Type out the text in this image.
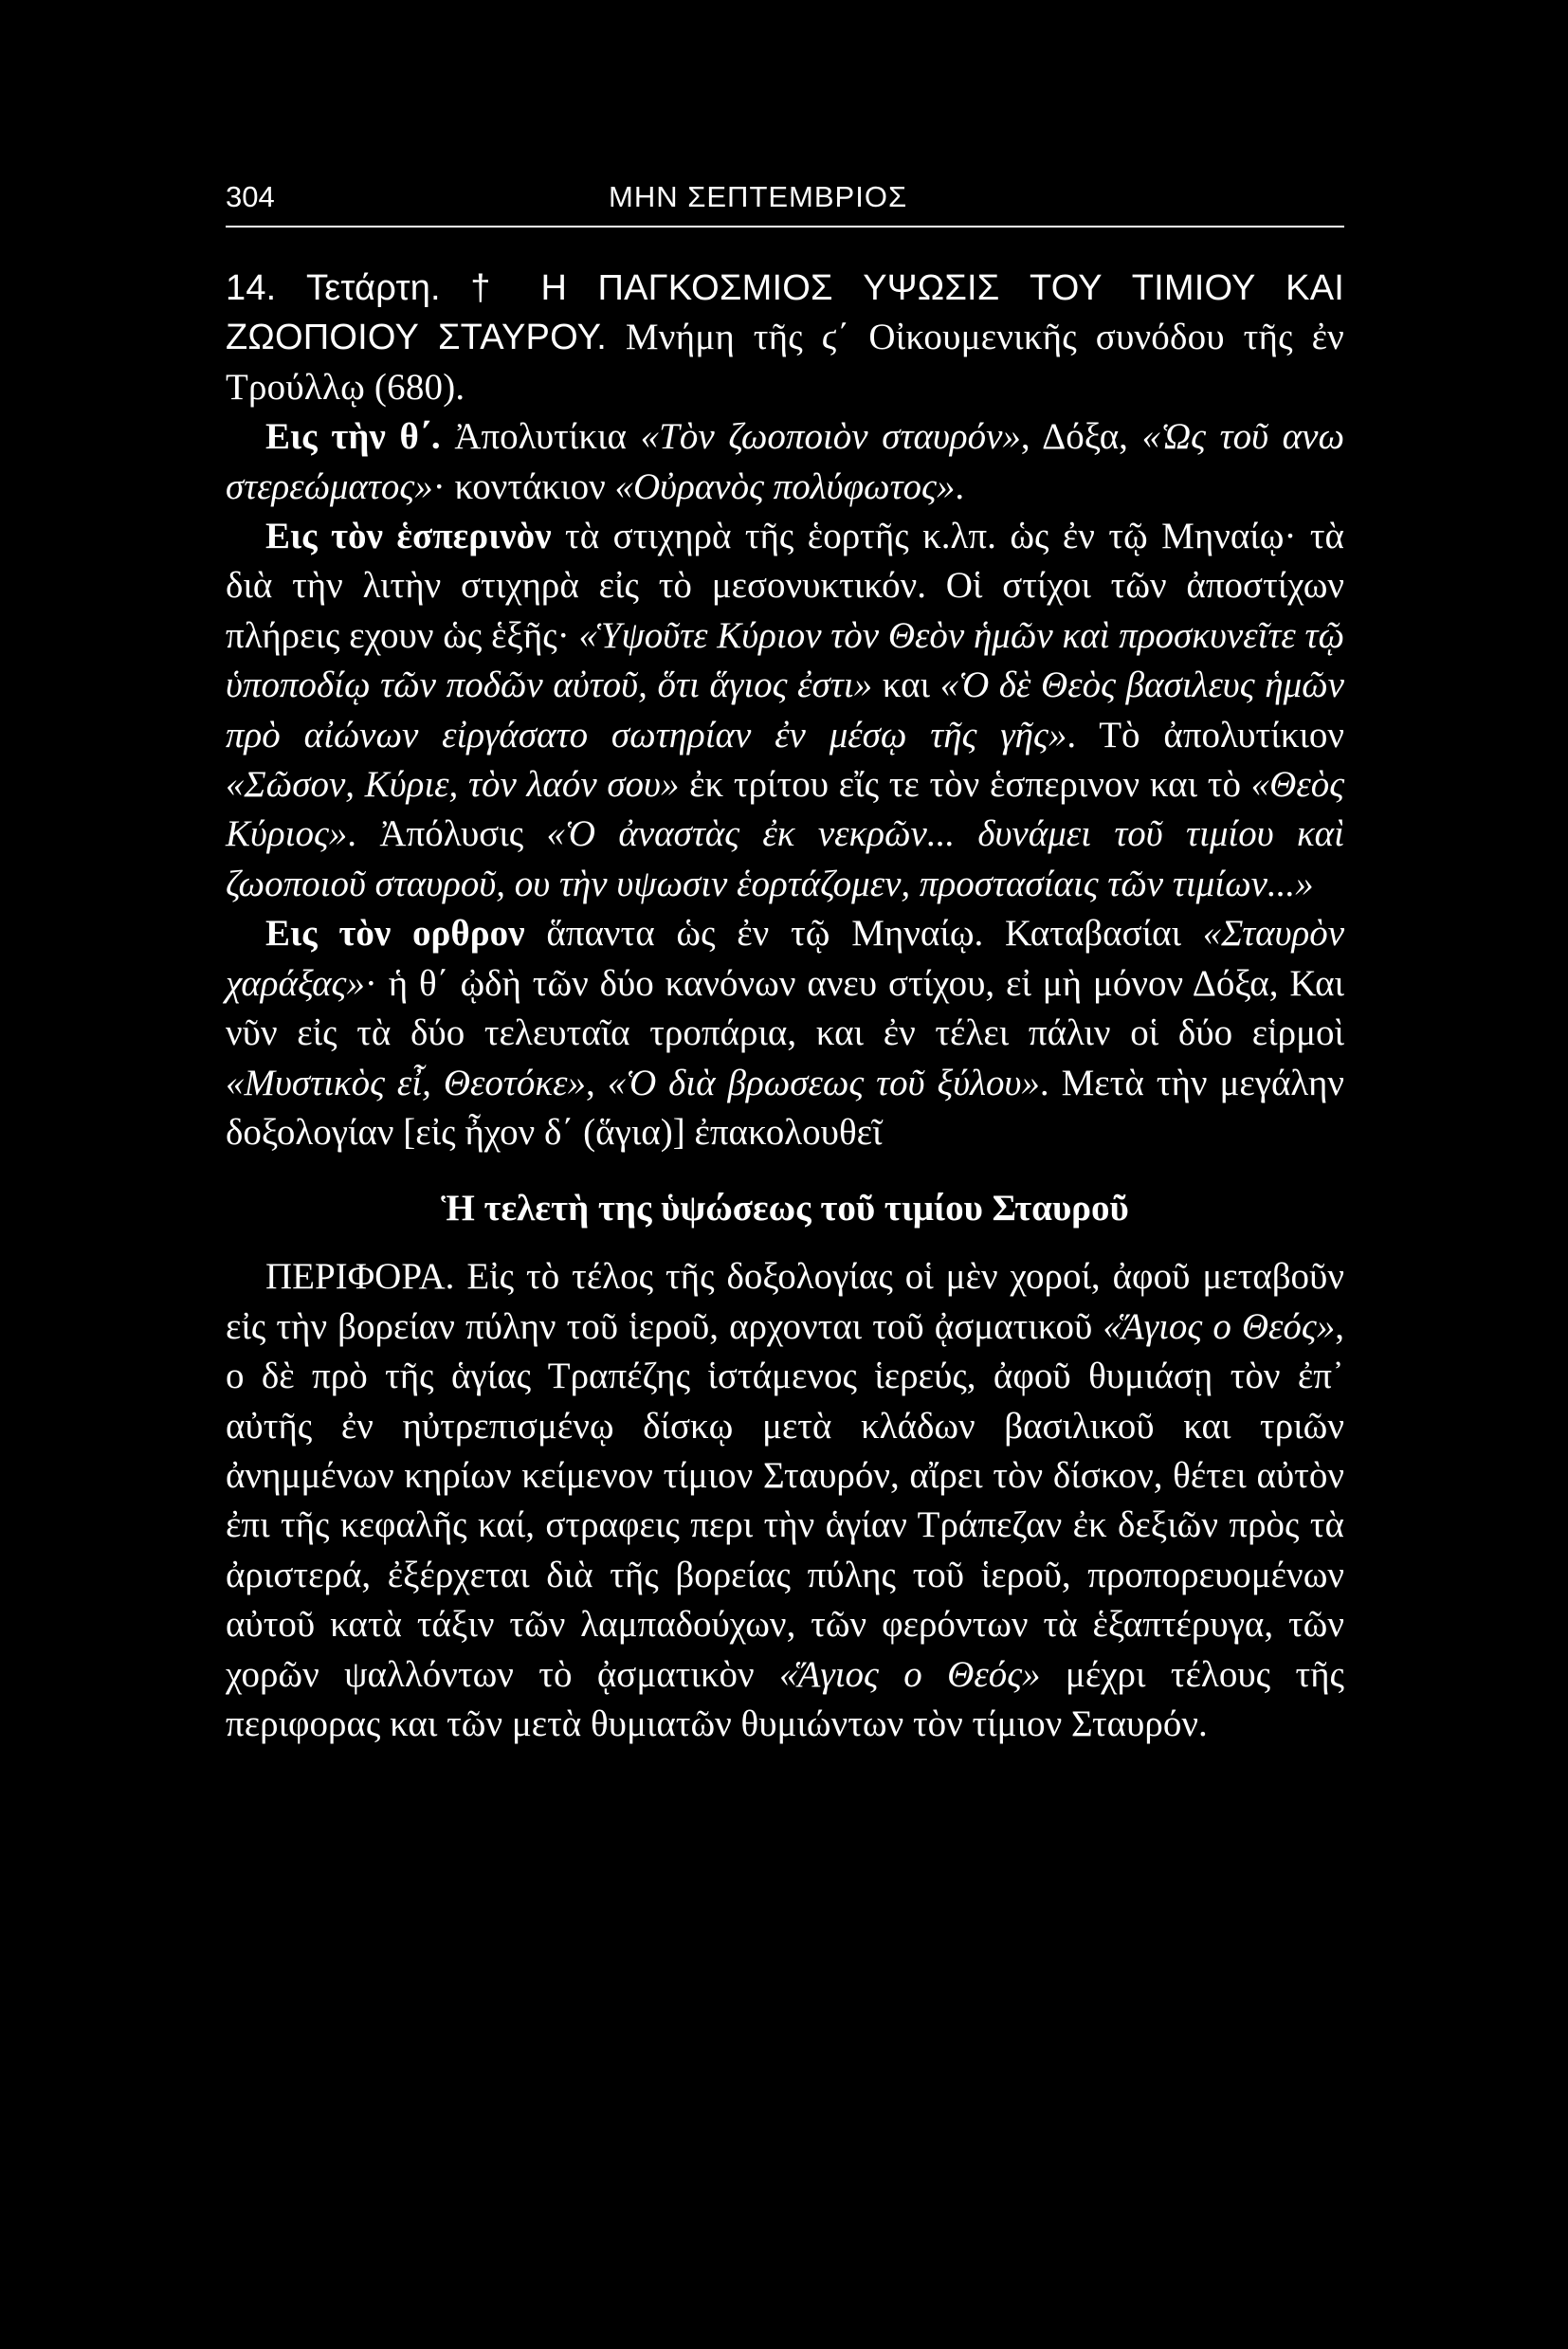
304	ΜΗΝ ΣΕΠΤΕΜΒΡΙΟΣ

14. Τετάρτη. † Η ΠΑΓΚΟΣΜΙΟΣ ΥΨΩΣΙΣ ΤΟΥ ΤΙΜΙΟΥ ΚΑΙ ΖΩΟΠΟΙΟΥ ΣΤΑΥΡΟΥ. Μνήμη τῆς ϛ΄ Οἰκουμενικῆς συνόδου τῆς ἐν Τρούλλῳ (680).

Εις τὴν θ΄. Ἀπολυτίκια «Τὸν ζωοποιὸν σταυρόν», Δόξα, «Ὡς τοῦ ανω στερεώματος»· κοντάκιον «Οὐρανὸς πολύφωτος».

Εις τὸν ἑσπερινὸν τὰ στιχηρὰ τῆς ἑορτῆς κ.λπ. ὡς ἐν τῷ Μηναίῳ· τὰ διὰ τὴν λιτὴν στιχηρὰ εἰς τὸ μεσονυκτικόν. Οἱ στίχοι τῶν ἀποστίχων πλήρεις εχουν ὡς ἑξῆς· «Ὑψοῦτε Κύριον τὸν Θεὸν ἡμῶν καὶ προσκυνεῖτε τῷ ὑποποδίῳ τῶν ποδῶν αὐτοῦ, ὅτι ἅγιος ἐστι» και «Ὁ δὲ Θεὸς βασιλευς ἡμῶν πρὸ αἰώνων εἰργάσατο σωτηρίαν ἐν μέσῳ τῆς γῆς». Τὸ ἀπολυτίκιον «Σῶσον, Κύριε, τὸν λαόν σου» ἐκ τρίτου εἴς τε τὸν ἑσπερινον και τὸ «Θεὸς Κύριος». Ἀπόλυσις «Ὁ ἀναστὰς ἐκ νεκρῶν... δυνάμει τοῦ τιμίου καὶ ζωοποιοῦ σταυροῦ, ου τὴν υψωσιν ἑορτάζομεν, προστασίαις τῶν τιμίων...»

Εις τὸν ορθρον ἅπαντα ὡς ἐν τῷ Μηναίῳ. Καταβασίαι «Σταυρὸν χαράξας»· ἡ θ΄ ᾠδὴ τῶν δύο κανόνων ανευ στίχου, εἰ μὴ μόνον Δόξα, Και νῦν εἰς τὰ δύο τελευταῖα τροπάρια, και ἐν τέλει πάλιν οἱ δύο εἱρμοὶ «Μυστικὸς εἶ, Θεοτόκε», «Ὁ διὰ βρωσεως τοῦ ξύλου». Μετὰ τὴν μεγάλην δοξολογίαν [εἰς ἦχον δ΄ (ἅγια)] ἐπακολουθεῖ

Ἡ τελετὴ της ὑψώσεως τοῦ τιμίου Σταυροῦ

ΠΕΡΙΦΟΡΑ. Εἰς τὸ τέλος τῆς δοξολογίας οἱ μὲν χοροί, ἀφοῦ μεταβοῦν εἰς τὴν βορείαν πύλην τοῦ ἱεροῦ, αρχονται τοῦ ᾀσματικοῦ «Ἅγιος ο Θεός», ο δὲ πρὸ τῆς ἁγίας Τραπέζης ἱστάμενος ἱερεύς, ἀφοῦ θυμιάσῃ τὸν ἐπ᾿ αὐτῆς ἐν ηὐτρεπισμένῳ δίσκῳ μετὰ κλάδων βασιλικοῦ και τριῶν ἀνημμένων κηρίων κείμενον τίμιον Σταυρόν, αἴρει τὸν δίσκον, θέτει αὐτὸν ἐπι τῆς κεφαλῆς καί, στραφεις περι τὴν ἁγίαν Τράπεζαν ἐκ δεξιῶν πρὸς τὰ ἀριστερά, ἐξέρχεται διὰ τῆς βορείας πύλης τοῦ ἱεροῦ, προπορευομένων αὐτοῦ κατὰ τάξιν τῶν λαμπαδούχων, τῶν φερόντων τὰ ἑξαπτέρυγα, τῶν χορῶν ψαλλόντων τὸ ᾀσματικὸν «Ἅγιος ο Θεός» μέχρι τέλους τῆς περιφορας και τῶν μετὰ θυμιατῶν θυμιώντων τὸν τίμιον Σταυρόν.
